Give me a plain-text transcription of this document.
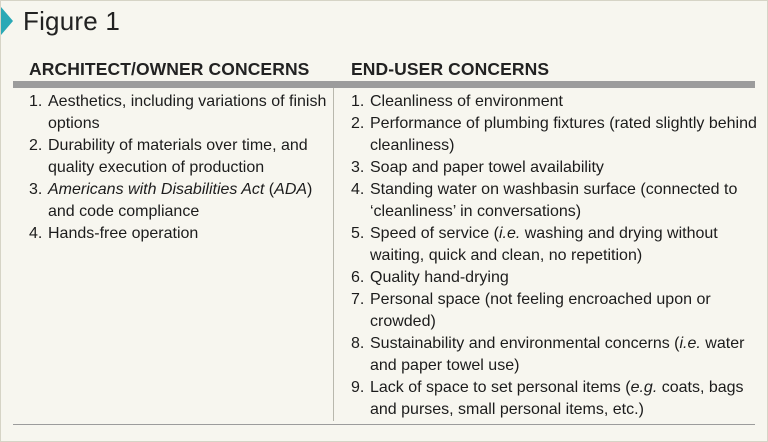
Figure 1
ARCHITECT/OWNER CONCERNS END-USER CONCERNS
1. Aesthetics, including variations of finish options
2. Durability of materials over time, and quality execution of production
3. Americans with Disabilities Act (ADA) and code compliance
4. Hands-free operation
1. Cleanliness of environment
2. Performance of plumbing fixtures (rated slightly behind cleanliness)
3. Soap and paper towel availability
4. Standing water on washbasin surface (connected to ‘cleanliness’ in conversations)
5. Speed of service (i.e. washing and drying without waiting, quick and clean, no repetition)
6. Quality hand-drying
7. Personal space (not feeling encroached upon or crowded)
8. Sustainability and environmental concerns (i.e. water and paper towel use)
9. Lack of space to set personal items (e.g. coats, bags and purses, small personal items, etc.)
